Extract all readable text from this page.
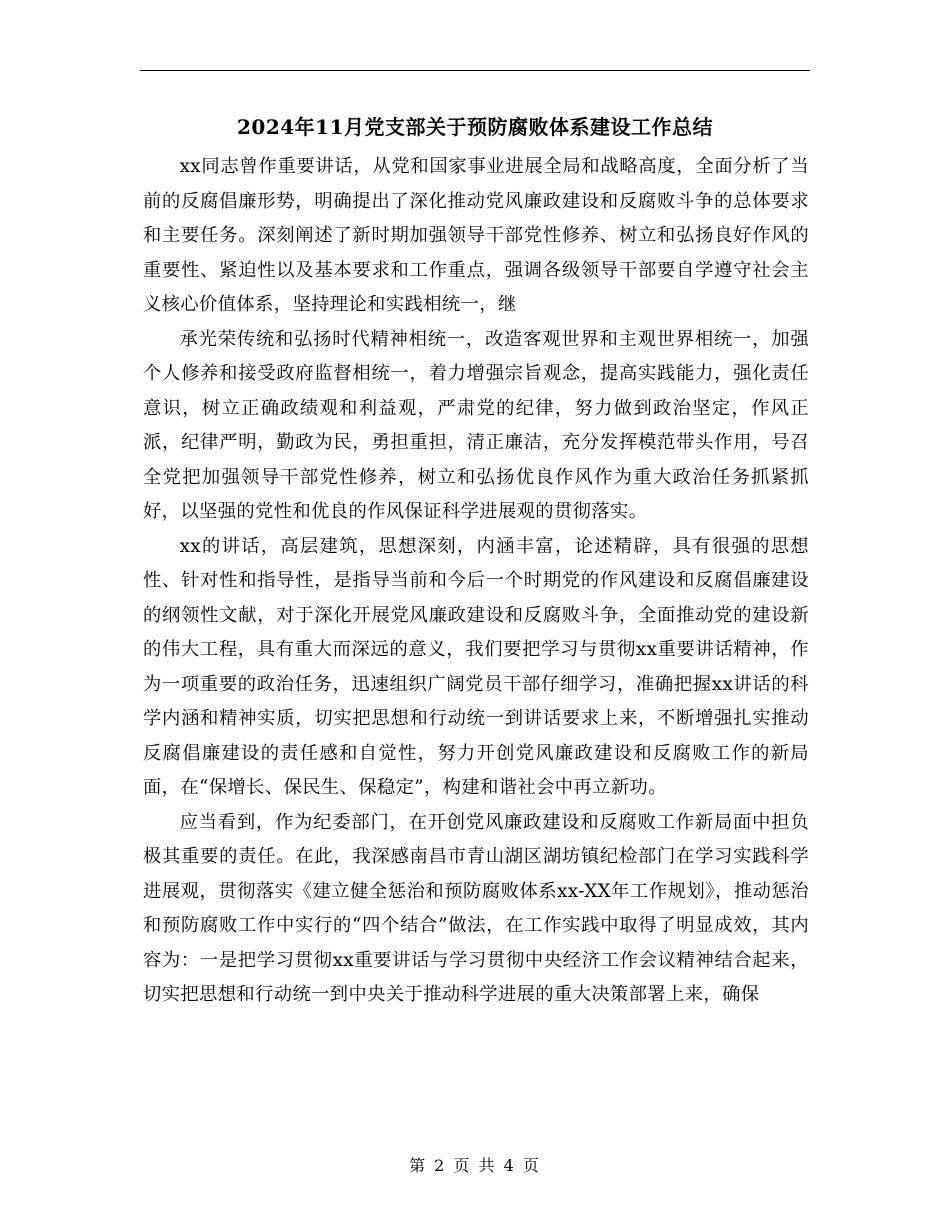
2024年11月党支部关于预防腐败体系建设工作总结

xx同志曾作重要讲话，从党和国家事业进展全局和战略高度，全面分析了当前的反腐倡廉形势，明确提出了深化推动党风廉政建设和反腐败斗争的总体要求和主要任务。深刻阐述了新时期加强领导干部党性修养、树立和弘扬良好作风的重要性、紧迫性以及基本要求和工作重点，强调各级领导干部要自学遵守社会主义核心价值体系，坚持理论和实践相统一，继

承光荣传统和弘扬时代精神相统一，改造客观世界和主观世界相统一，加强个人修养和接受政府监督相统一，着力增强宗旨观念，提高实践能力，强化责任意识，树立正确政绩观和利益观，严肃党的纪律，努力做到政治坚定，作风正派，纪律严明，勤政为民，勇担重担，清正廉洁，充分发挥模范带头作用，号召全党把加强领导干部党性修养，树立和弘扬优良作风作为重大政治任务抓紧抓好，以坚强的党性和优良的作风保证科学进展观的贯彻落实。

xx的讲话，高层建筑，思想深刻，内涵丰富，论述精辟，具有很强的思想性、针对性和指导性，是指导当前和今后一个时期党的作风建设和反腐倡廉建设的纲领性文献，对于深化开展党风廉政建设和反腐败斗争，全面推动党的建设新的伟大工程，具有重大而深远的意义，我们要把学习与贯彻xx重要讲话精神，作为一项重要的政治任务，迅速组织广阔党员干部仔细学习，准确把握xx讲话的科学内涵和精神实质，切实把思想和行动统一到讲话要求上来，不断增强扎实推动反腐倡廉建设的责任感和自觉性，努力开创党风廉政建设和反腐败工作的新局面，在“保增长、保民生、保稳定”，构建和谐社会中再立新功。

应当看到，作为纪委部门，在开创党风廉政建设和反腐败工作新局面中担负极其重要的责任。在此，我深感南昌市青山湖区湖坊镇纪检部门在学习实践科学进展观，贯彻落实《建立健全惩治和预防腐败体系xx-XX年工作规划》，推动惩治和预防腐败工作中实行的“四个结合”做法，在工作实践中取得了明显成效，其内容为：一是把学习贯彻xx重要讲话与学习贯彻中央经济工作会议精神结合起来，切实把思想和行动统一到中央关于推动科学进展的重大决策部署上来，确保

第 2 页 共 4 页
